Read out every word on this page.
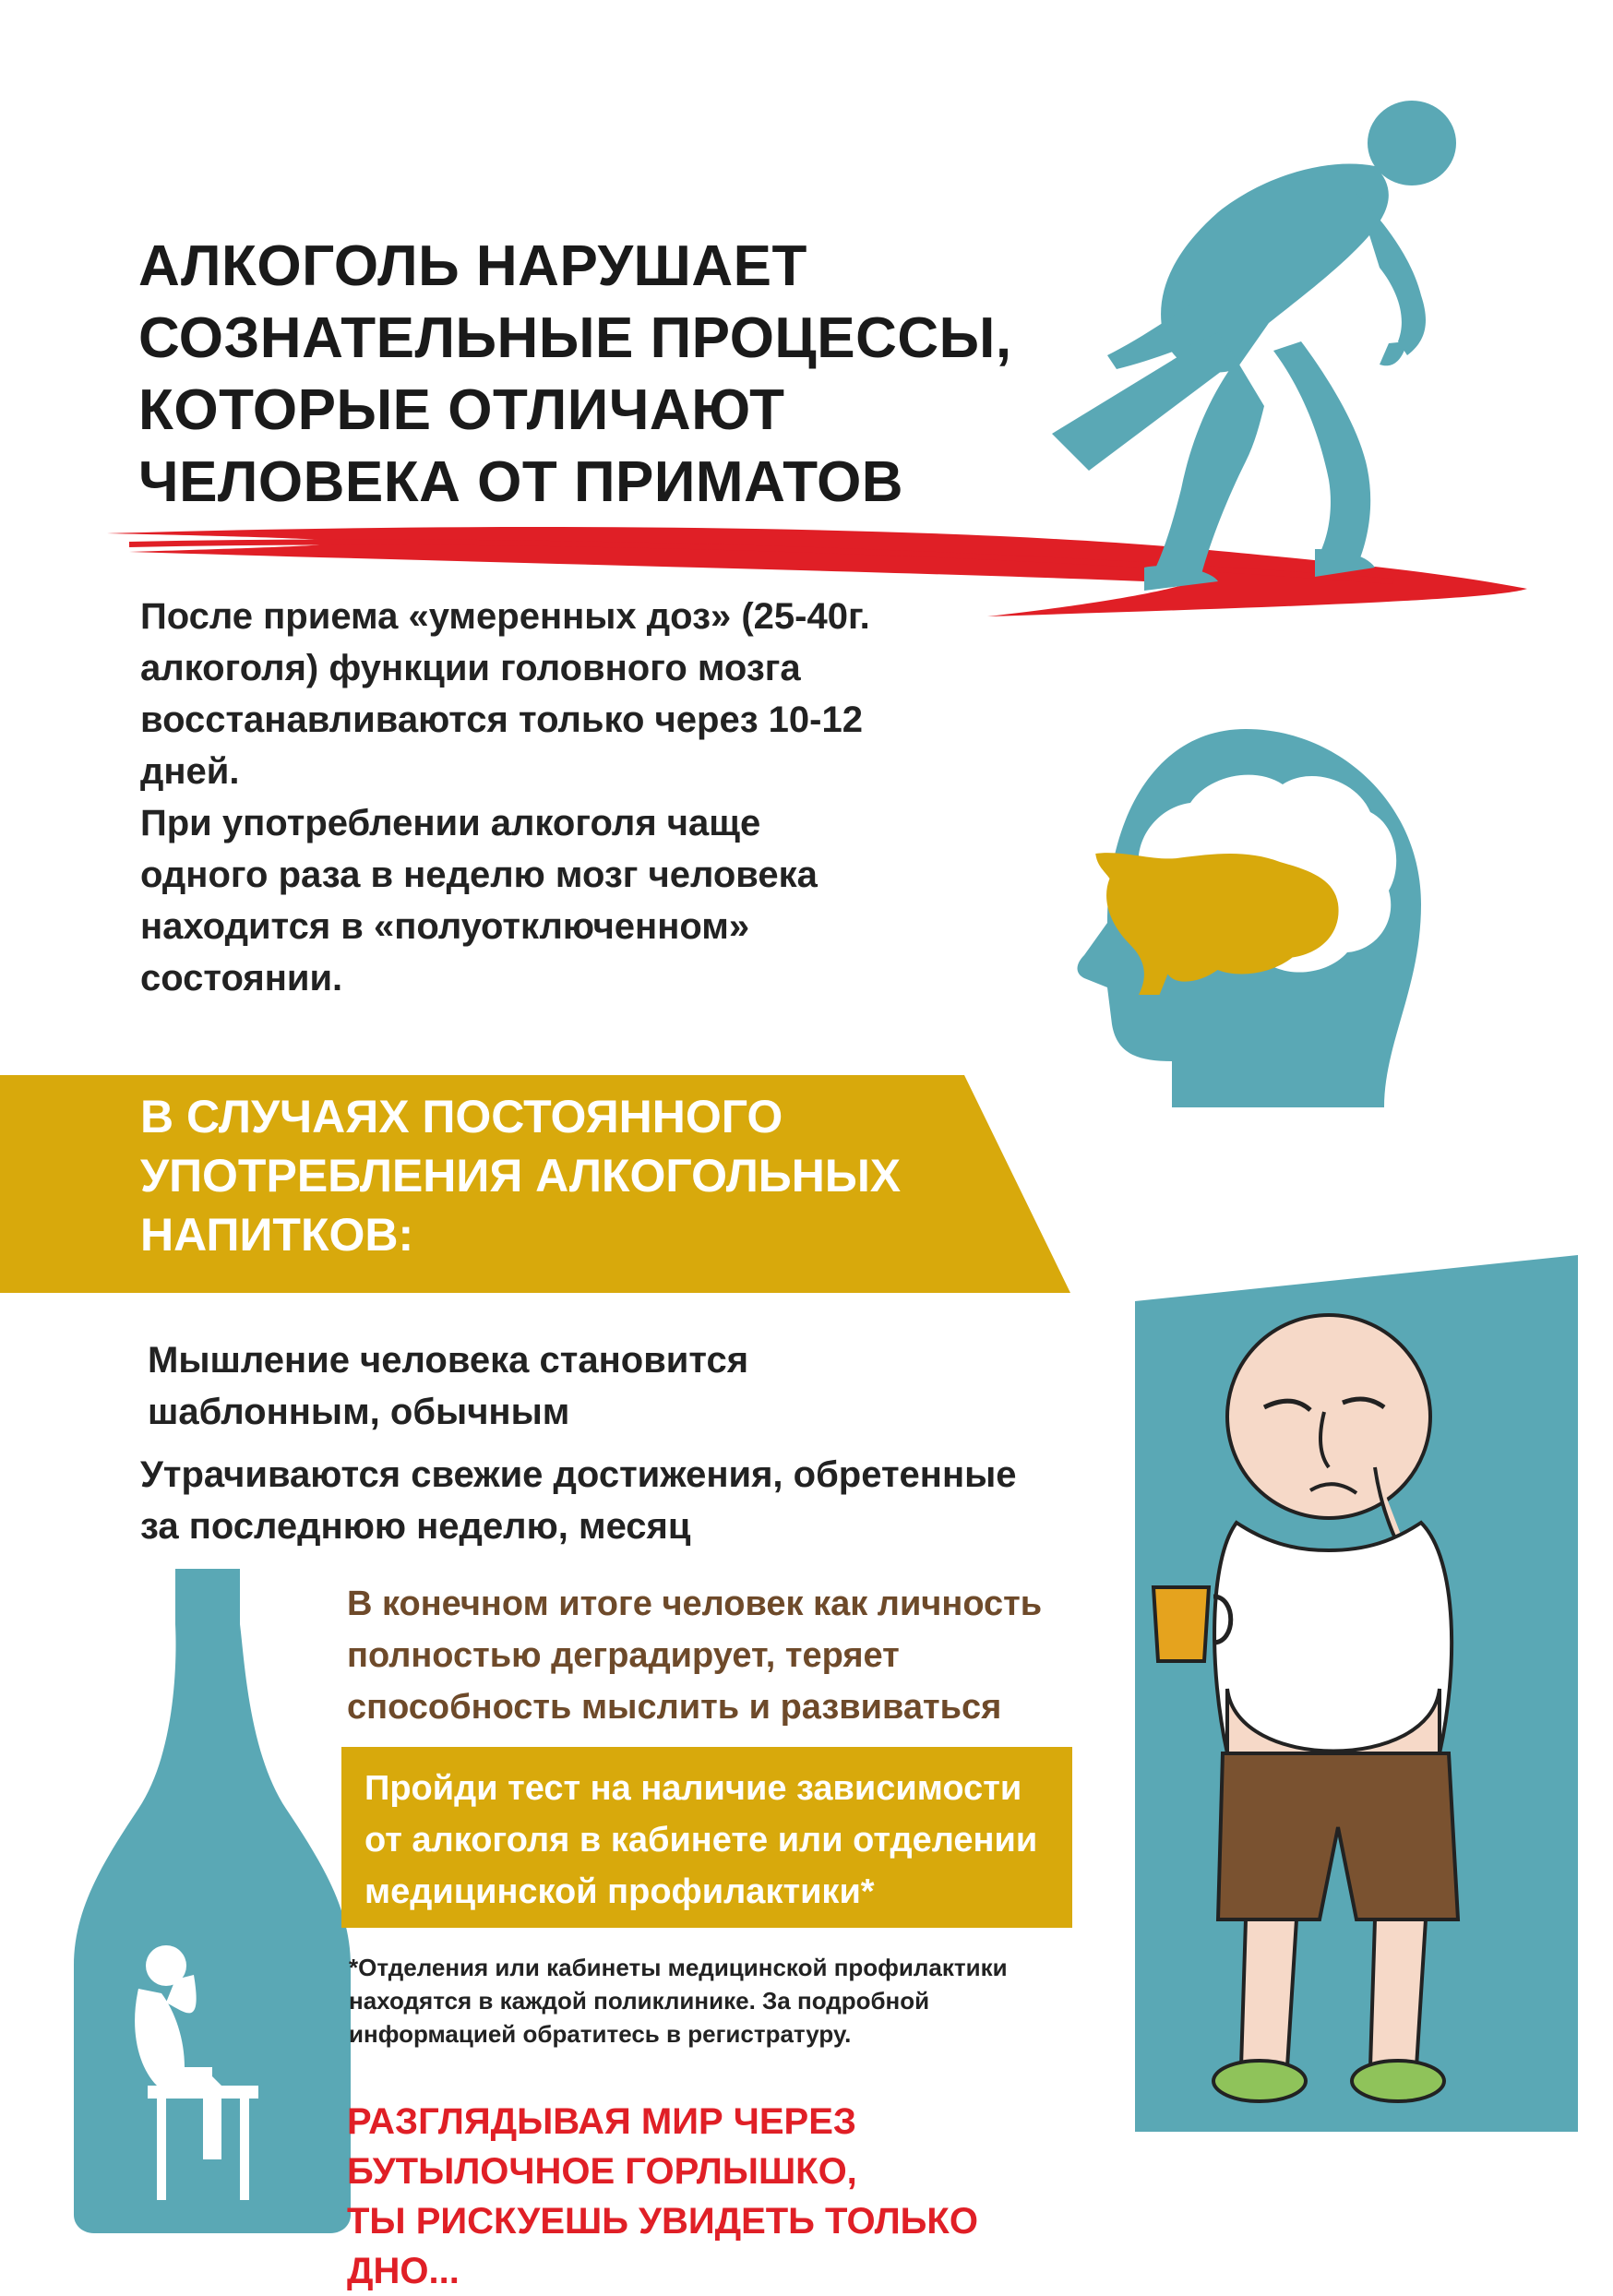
АЛКОГОЛЬ НАРУШАЕТ
СОЗНАТЕЛЬНЫЕ ПРОЦЕССЫ,
КОТОРЫЕ ОТЛИЧАЮТ
ЧЕЛОВЕКА ОТ ПРИМАТОВ
После приема «умеренных доз» (25-40г.
алкоголя) функции головного мозга
восстанавливаются только через 10-12
дней.
При употреблении алкоголя чаще
одного раза в неделю мозг человека
находится в «полуотключенном»
состоянии.
В СЛУЧАЯХ ПОСТОЯННОГО
УПОТРЕБЛЕНИЯ АЛКОГОЛЬНЫХ
НАПИТКОВ:
Мышление человека становится
шаблонным, обычным
Утрачиваются свежие достижения, обретенные
за последнюю неделю, месяц
В конечном итоге человек как личность
полностью деградирует, теряет
способность мыслить и развиваться
Пройди тест на наличие зависимости
от алкоголя в кабинете или отделении
медицинской профилактики*
*Отделения или кабинеты медицинской профилактики
находятся в каждой поликлинике. За подробной
информацией обратитесь в регистратуру.
РАЗГЛЯДЫВАЯ МИР ЧЕРЕЗ
БУТЫЛОЧНОЕ ГОРЛЫШКО,
ТЫ РИСКУЕШЬ УВИДЕТЬ ТОЛЬКО ДНО...
